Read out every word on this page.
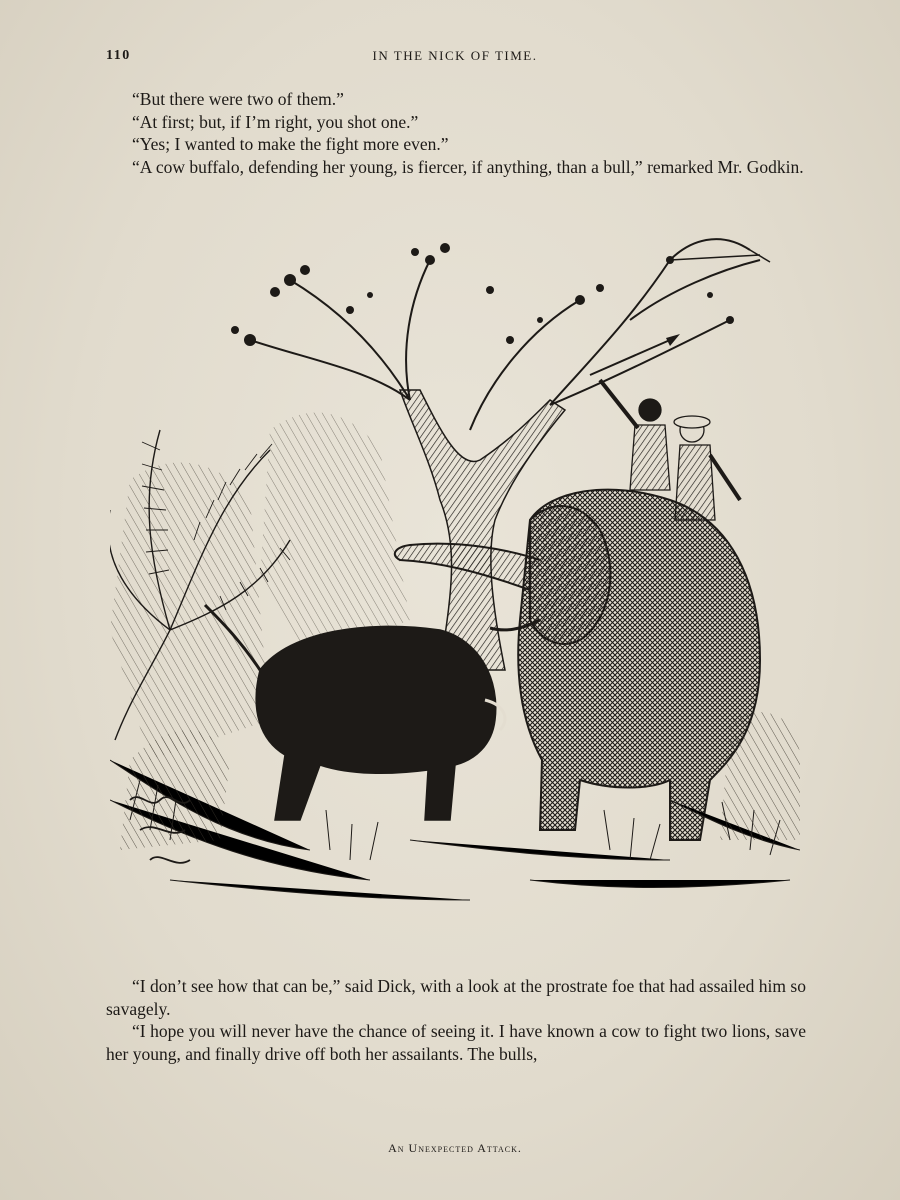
110	IN THE NICK OF TIME.

“But there were two of them.”

“At first; but, if I’m right, you shot one.”

“Yes; I wanted to make the fight more even.”

“A cow buffalo, defending her young, is fiercer, if anything, than a bull,” remarked Mr. Godkin.

An Unexpected Attack.

“I don’t see how that can be,” said Dick, with a look at the prostrate foe that had assailed him so savagely.

“I hope you will never have the chance of seeing it. I have known a cow to fight two lions, save her young, and finally drive off both her assailants. The bulls,
